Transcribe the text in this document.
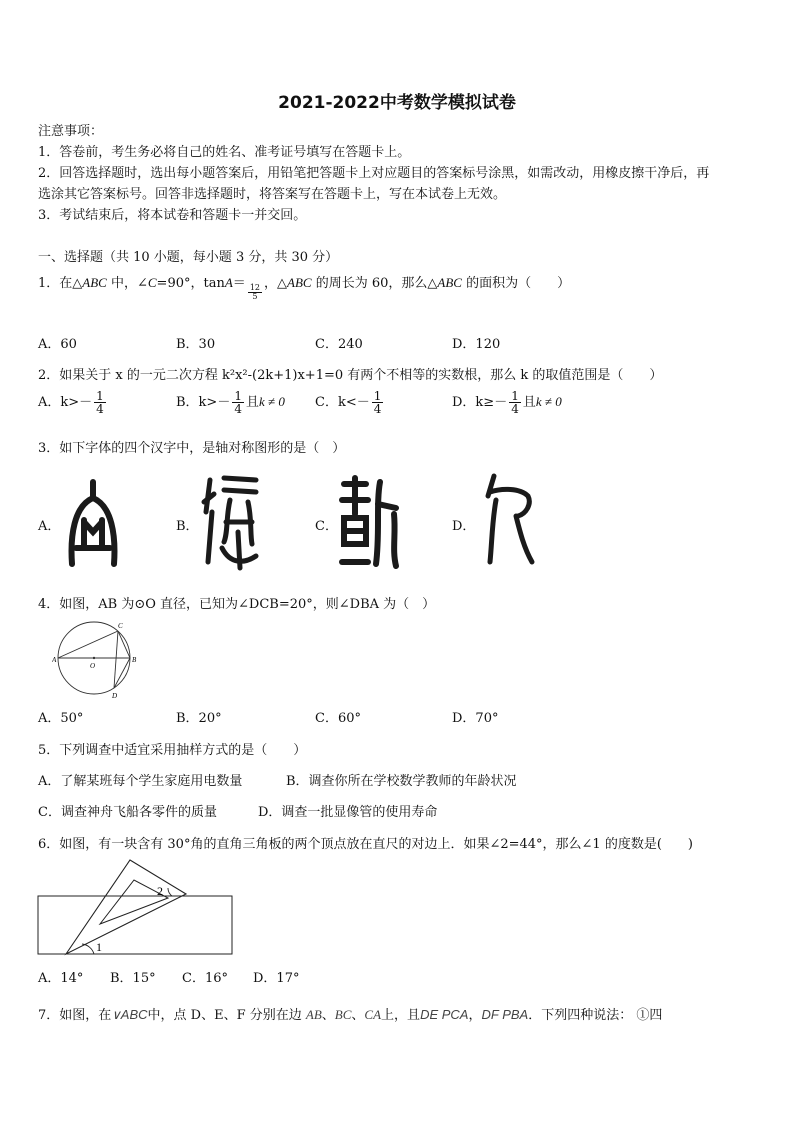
2021-2022中考数学模拟试卷
注意事项：
1．答卷前，考生务必将自己的姓名、准考证号填写在答题卡上。
2．回答选择题时，选出每小题答案后，用铅笔把答题卡上对应题目的答案标号涂黑，如需改动，用橡皮擦干净后，再
选涂其它答案标号。回答非选择题时，将答案写在答题卡上，写在本试卷上无效。
3．考试结束后，将本试卷和答题卡一并交回。
一、选择题（共 10 小题，每小题 3 分，共 30 分）
1．在△ABC 中，∠C=90°，tanA＝
$\frac{12}{5}$
，△ABC 的周长为 60，那么△ABC 的面积为（　　）
A．60	B．30	C．240	D．120
2．如果关于 x 的一元二次方程 k²x²-(2k+1)x+1=0 有两个不相等的实数根，那么 k 的取值范围是（　　）
A．$k>- \frac{1}{4}$	B．$k>- \frac{1}{4}$ 且k ≠ 0 C．$k<- \frac{1}{4}$	D．$k\ge- \frac{1}{4}$ 且k ≠ 0
3．如下字体的四个汉字中，是轴对称图形的是（　）
A．	B．	C．	D．
4．如图，AB 为⊙O 直径，已知为∠DCB=20°，则∠DBA 为（　）
A	B
C
D
O
A．50°	B．20°	C．60°	D．70°
5．下列调查中适宜采用抽样方式的是（　　）
A．了解某班每个学生家庭用电数量	B．调查你所在学校数学教师的年龄状况
C．调查神舟飞船各零件的质量	D．调查一批显像管的使用寿命
6．如图，有一块含有 30°角的直角三角板的两个顶点放在直尺的对边上．如果∠2=44°，那么∠1 的度数是(　　)
1
2
A．14° B．15° C．16° D．17°
7．如图，在∨ABC中，点 D、E、F 分别在边 AB、BC、CA上，且DE PCA，DF PBA．下列四种说法： ①四
